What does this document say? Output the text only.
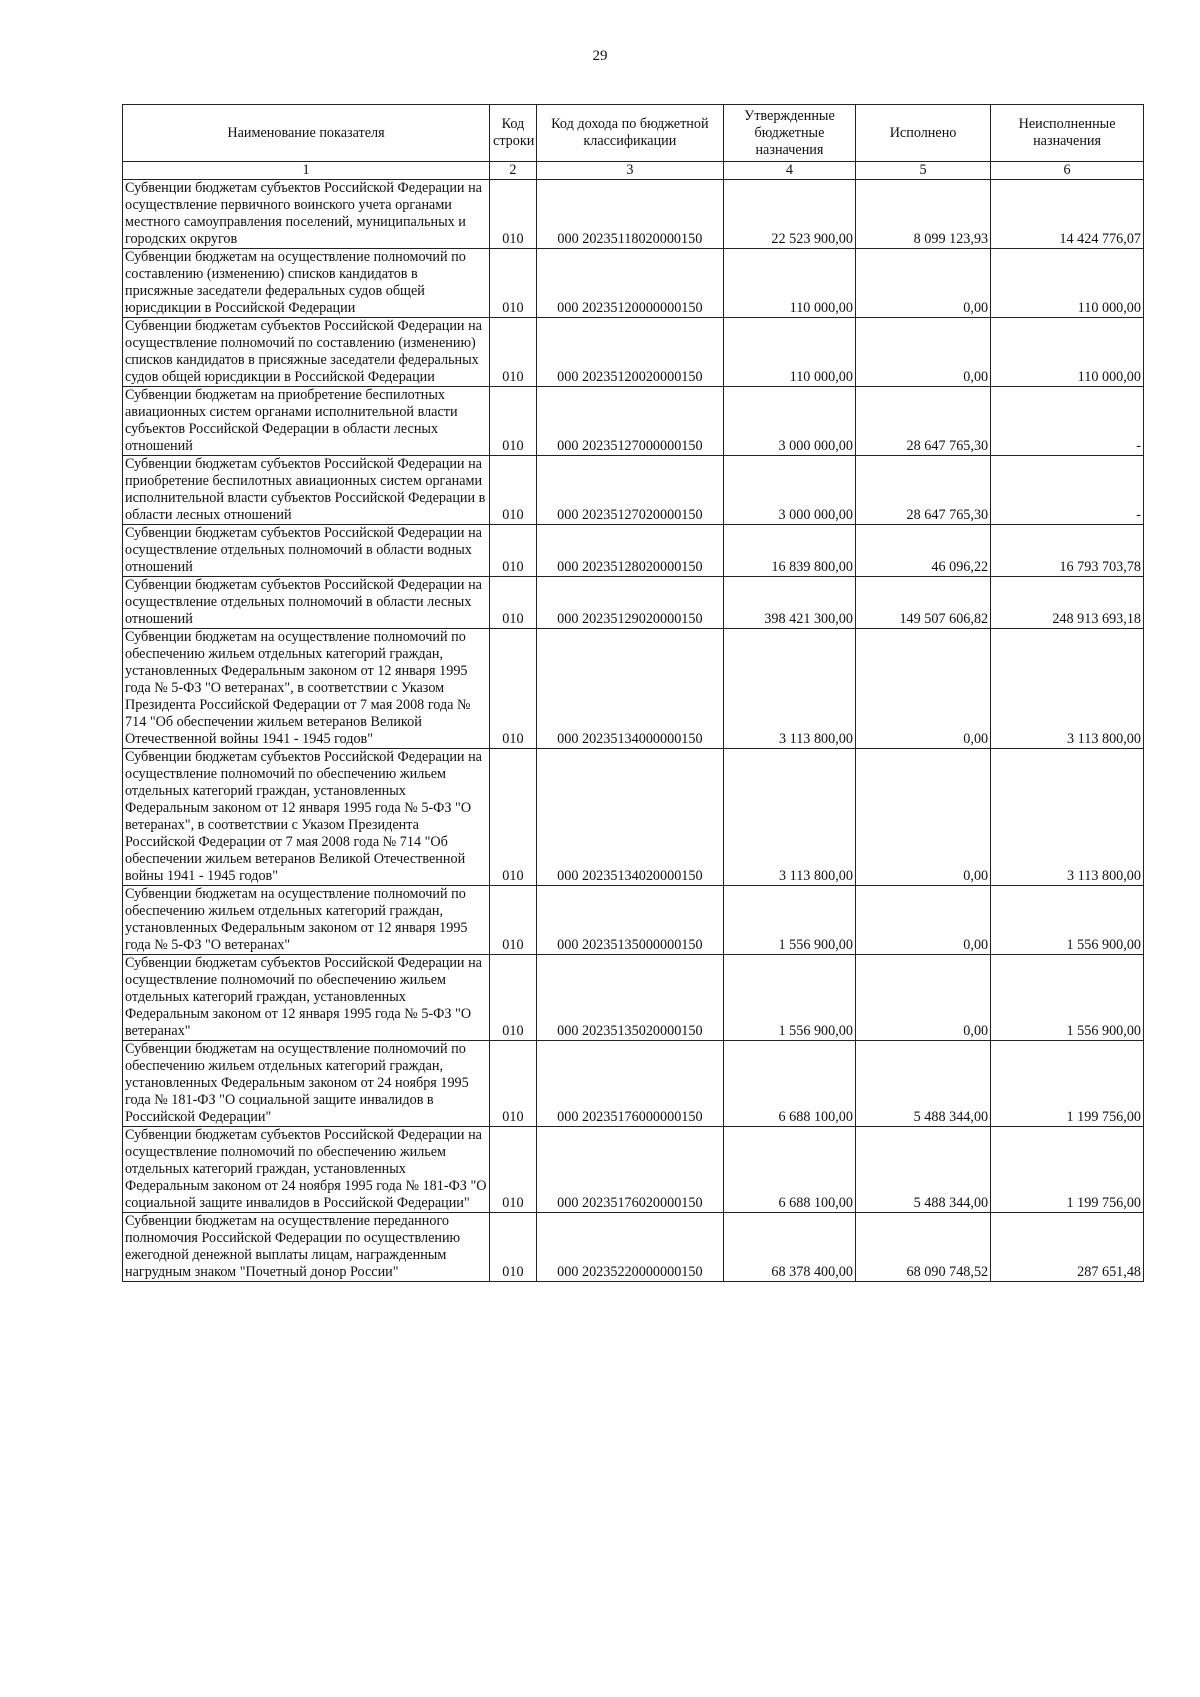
29
Наименование показателя	Код строки	Код дохода по бюджетной классификации	Утвержденные бюджетные назначения	Исполнено	Неисполненные назначения
1	2	3	4	5	6
Субвенции бюджетам субъектов Российской Федерации на осуществление первичного воинского учета органами местного самоуправления поселений, муниципальных и городских округов	010	000 20235118020000150	22 523 900,00	8 099 123,93	14 424 776,07
Субвенции бюджетам на осуществление полномочий по составлению (изменению) списков кандидатов в присяжные заседатели федеральных судов общей юрисдикции в Российской Федерации	010	000 20235120000000150	110 000,00	0,00	110 000,00
Субвенции бюджетам субъектов Российской Федерации на осуществление полномочий по составлению (изменению) списков кандидатов в присяжные заседатели федеральных судов общей юрисдикции в Российской Федерации	010	000 20235120020000150	110 000,00	0,00	110 000,00
Субвенции бюджетам на приобретение беспилотных авиационных систем органами исполнительной власти субъектов Российской Федерации в области лесных отношений	010	000 20235127000000150	3 000 000,00	28 647 765,30	-
Субвенции бюджетам субъектов Российской Федерации на приобретение беспилотных авиационных систем органами исполнительной власти субъектов Российской Федерации в области лесных отношений	010	000 20235127020000150	3 000 000,00	28 647 765,30	-
Субвенции бюджетам субъектов Российской Федерации на осуществление отдельных полномочий в области водных отношений	010	000 20235128020000150	16 839 800,00	46 096,22	16 793 703,78
Субвенции бюджетам субъектов Российской Федерации на осуществление отдельных полномочий в области лесных отношений	010	000 20235129020000150	398 421 300,00	149 507 606,82	248 913 693,18
Субвенции бюджетам на осуществление полномочий по обеспечению жильем отдельных категорий граждан, установленных Федеральным законом от 12 января 1995 года № 5-ФЗ "О ветеранах", в соответствии с Указом Президента Российской Федерации от 7 мая 2008 года № 714 "Об обеспечении жильем ветеранов Великой Отечественной войны 1941 - 1945 годов"	010	000 20235134000000150	3 113 800,00	0,00	3 113 800,00
Субвенции бюджетам субъектов Российской Федерации на осуществление полномочий по обеспечению жильем отдельных категорий граждан, установленных Федеральным законом от 12 января 1995 года № 5-ФЗ "О ветеранах", в соответствии с Указом Президента Российской Федерации от 7 мая 2008 года № 714 "Об обеспечении жильем ветеранов Великой Отечественной войны 1941 - 1945 годов"	010	000 20235134020000150	3 113 800,00	0,00	3 113 800,00
Субвенции бюджетам на осуществление полномочий по обеспечению жильем отдельных категорий граждан, установленных Федеральным законом от 12 января 1995 года № 5-ФЗ "О ветеранах"	010	000 20235135000000150	1 556 900,00	0,00	1 556 900,00
Субвенции бюджетам субъектов Российской Федерации на осуществление полномочий по обеспечению жильем отдельных категорий граждан, установленных Федеральным законом от 12 января 1995 года № 5-ФЗ "О ветеранах"	010	000 20235135020000150	1 556 900,00	0,00	1 556 900,00
Субвенции бюджетам на осуществление полномочий по обеспечению жильем отдельных категорий граждан, установленных Федеральным законом от 24 ноября 1995 года № 181-ФЗ "О социальной защите инвалидов в Российской Федерации"	010	000 20235176000000150	6 688 100,00	5 488 344,00	1 199 756,00
Субвенции бюджетам субъектов Российской Федерации на осуществление полномочий по обеспечению жильем отдельных категорий граждан, установленных Федеральным законом от 24 ноября 1995 года № 181-ФЗ "О социальной защите инвалидов в Российской Федерации"	010	000 20235176020000150	6 688 100,00	5 488 344,00	1 199 756,00
Субвенции бюджетам на осуществление переданного полномочия Российской Федерации по осуществлению ежегодной денежной выплаты лицам, награжденным нагрудным знаком "Почетный донор России"	010	000 20235220000000150	68 378 400,00	68 090 748,52	287 651,48
